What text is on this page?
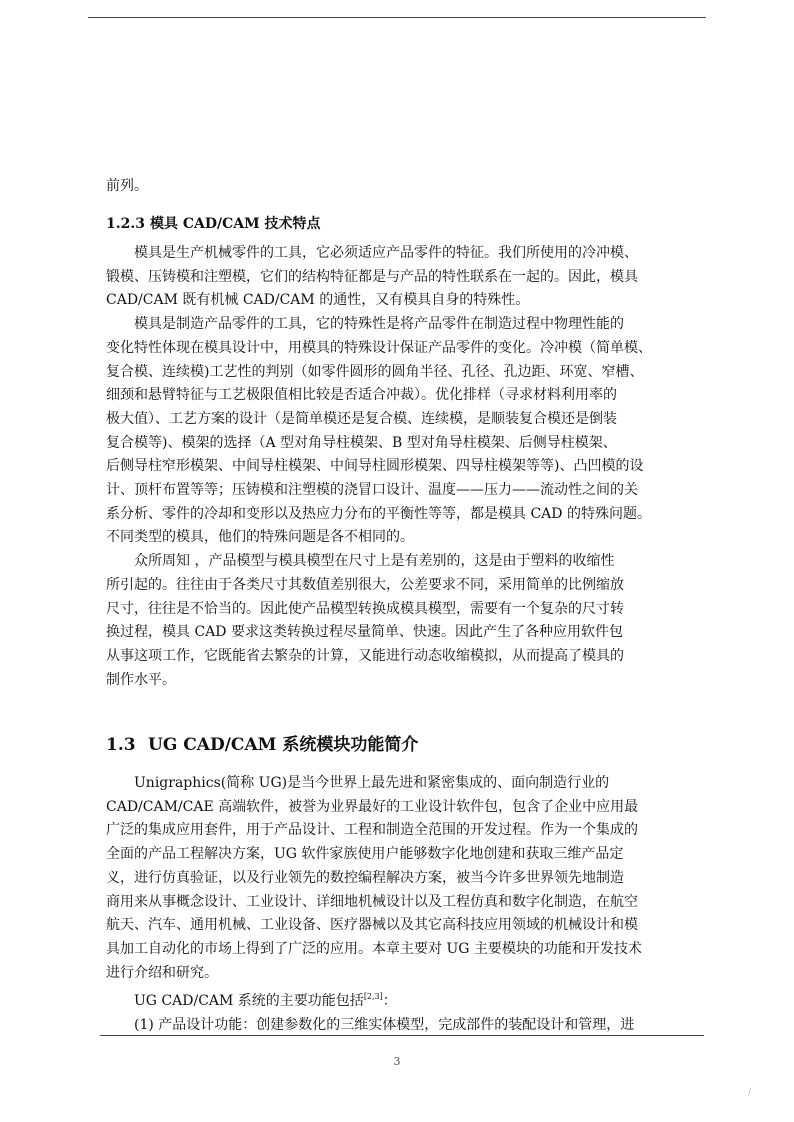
前列。

1.2.3 模具 CAD/CAM 技术特点

模具是生产机械零件的工具，它必须适应产品零件的特征。我们所使用的冷冲模、

锻模、压铸模和注塑模，它们的结构特征都是与产品的特性联系在一起的。因此，模具

CAD/CAM 既有机械 CAD/CAM 的通性，又有模具自身的特殊性。

模具是制造产品零件的工具，它的特殊性是将产品零件在制造过程中物理性能的

变化特性体现在模具设计中，用模具的特殊设计保证产品零件的变化。冷冲模（简单模、

复合模、连续模)工艺性的判别（如零件圆形的圆角半径、孔径、孔边距、环宽、窄槽、

细颈和悬臂特征与工艺极限值相比较是否适合冲裁）。优化排样（寻求材料利用率的

极大值）、工艺方案的设计（是简单模还是复合模、连续模，是顺装复合模还是倒装

复合模等)、模架的选择（A 型对角导柱模架、B 型对角导柱模架、后侧导柱模架、

后侧导柱窄形模架、中间导柱模架、中间导柱圆形模架、四导柱模架等等)、凸凹模的设

计、顶杆布置等等；压铸模和注塑模的浇冒口设计、温度——压力——流动性之间的关

系分析、零件的冷却和变形以及热应力分布的平衡性等等，都是模具 CAD 的特殊问题。

不同类型的模具，他们的特殊问题是各不相同的。

众所周知 ，产品模型与模具模型在尺寸上是有差别的，这是由于塑料的收缩性

所引起的。往往由于各类尺寸其数值差别很大，公差要求不同，采用简单的比例缩放

尺寸，往往是不恰当的。因此使产品模型转换成模具模型，需要有一个复杂的尺寸转

换过程，模具 CAD 要求这类转换过程尽量简单、快速。因此产生了各种应用软件包

从事这项工作，它既能省去繁杂的计算，又能进行动态收缩模拟，从而提高了模具的

制作水平。

1.3 UG CAD/CAM 系统模块功能简介

Unigraphics(简称 UG)是当今世界上最先进和紧密集成的、面向制造行业的

CAD/CAM/CAE 高端软件，被誉为业界最好的工业设计软件包，包含了企业中应用最

广泛的集成应用套件，用于产品设计、工程和制造全范围的开发过程。作为一个集成的

全面的产品工程解决方案，UG 软件家族使用户能够数字化地创建和获取三维产品定

义，进行仿真验证，以及行业领先的数控编程解决方案，被当今许多世界领先地制造

商用来从事概念设计、工业设计、详细地机械设计以及工程仿真和数字化制造，在航空

航天、汽车、通用机械、工业设备、医疗器械以及其它高科技应用领域的机械设计和模

具加工自动化的市场上得到了广泛的应用。本章主要对 UG 主要模块的功能和开发技术

进行介绍和研究。

UG CAD/CAM 系统的主要功能包括[2,3]：

(1) 产品设计功能：创建参数化的三维实体模型，完成部件的装配设计和管理，进

3
/
